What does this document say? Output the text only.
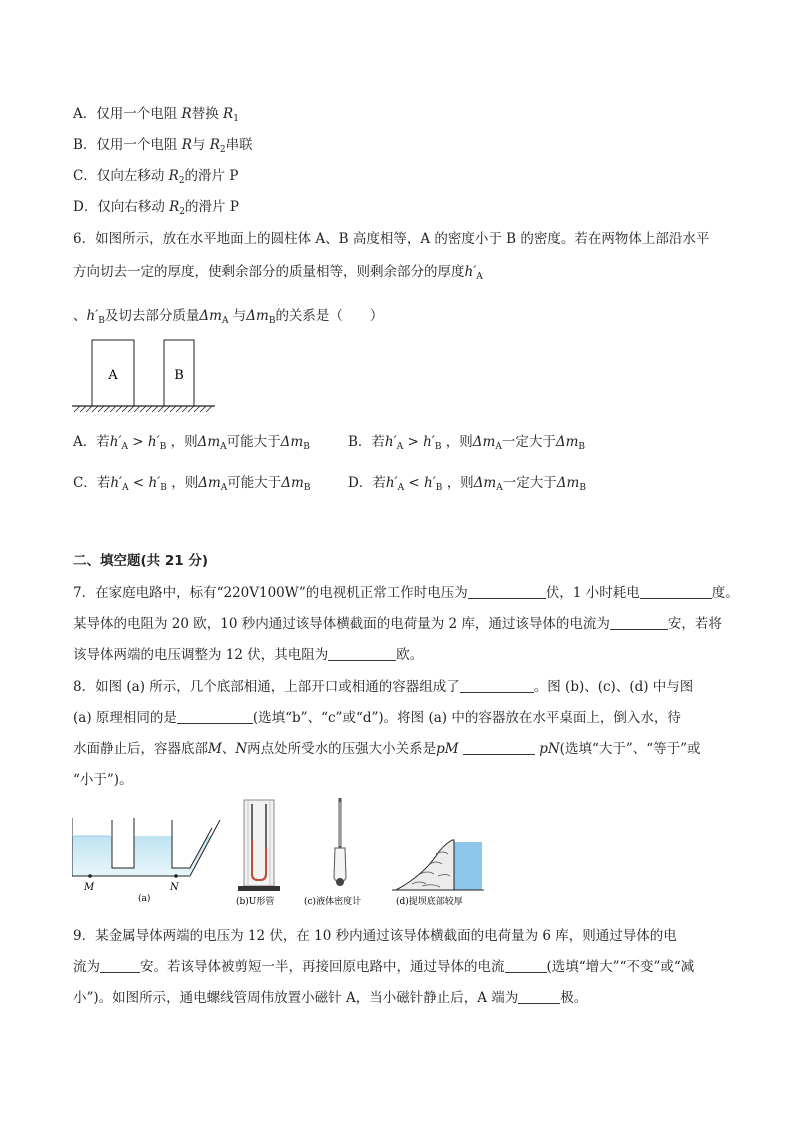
A．仅用一个电阻 R替换 $R_1$
B．仅用一个电阻 R与 $R_2$串联
C．仅向左移动 $R_2$的滑片 P
D．仅向右移动 $R_2$的滑片 P
6．如图所示，放在水平地面上的圆柱体 A、B 高度相等，A 的密度小于 B 的密度。若在两物体上部沿水平
方向切去一定的厚度，使剩余部分的质量相等，则剩余部分的厚度$h'_A$
、$h'_B$及切去部分质量$\Delta m_A$ 与$\Delta m_B$的关系是（　　）
A	B
A．若$h'_A > h'_B$ ，则$\Delta m_A$可能大于$\Delta m_B$	B．若$h'_A > h'_B$ ，则$\Delta m_A$一定大于$\Delta m_B$
C．若$h'_A < h'_B$ ，则$\Delta m_A$可能大于$\Delta m_B$	D．若$h'_A < h'_B$ ，则$\Delta m_A$一定大于$\Delta m_B$
二、填空题(共 21 分)
7．在家庭电路中，标有“220V100W”的电视机正常工作时电压为	伏，1 小时耗电	度。
某导体的电阻为 20 欧，10 秒内通过该导体横截面的电荷量为 2 库，通过该导体的电流为	安，若将
该导体两端的电压调整为 12 伏，其电阻为	欧。
8．如图 (a) 所示，几个底部相通，上部开口或相通的容器组成了	。图 (b)、(c)、(d) 中与图
(a) 原理相同的是	(选填“b”、“c”或“d”)。将图 (a) 中的容器放在水平桌面上，倒入水，待
水面静止后，容器底部M、N两点处所受水的压强大小关系是pM	pN(选填“大于”、“等于”或
“小于”)。
M	N
(a)	(b)U形管	(c)液体密度计	(d)提坝底部较厚
9．某金属导体两端的电压为 12 伏，在 10 秒内通过该导体横截面的电荷量为 6 库，则通过导体的电
流为	安。若该导体被剪短一半，再接回原电路中，通过导体的电流	(选填“增大”“不变”或“减
小”)。如图所示，通电螺线管周伟放置小磁针 A，当小磁针静止后，A 端为	极。
